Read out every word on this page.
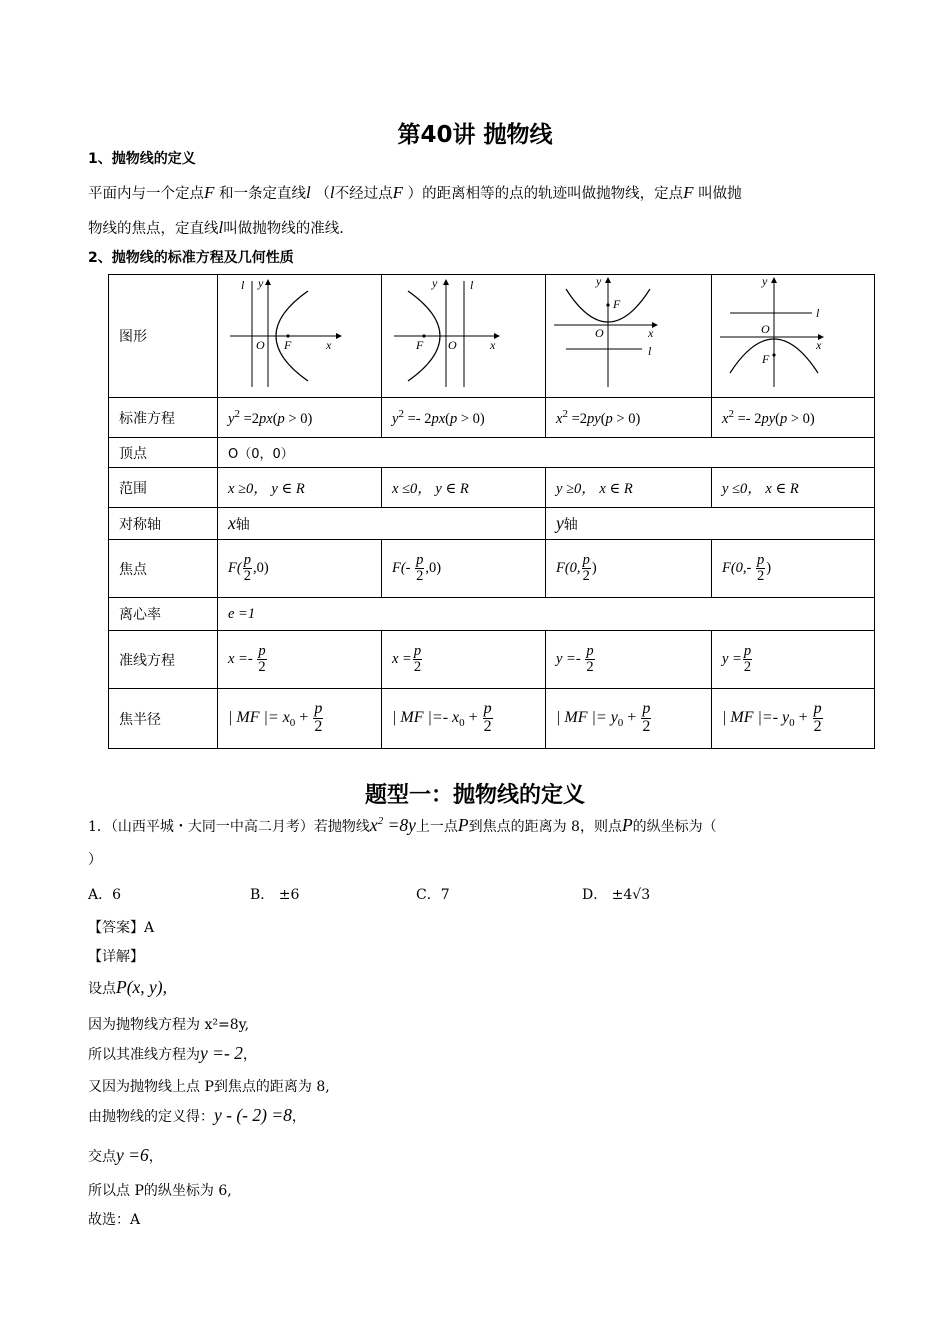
第40讲 抛物线
1、抛物线的定义
平面内与一个定点F 和一条定直线l （l不经过点F ）的距离相等的点的轨迹叫做抛物线，定点F 叫做抛
物线的焦点，定直线l叫做抛物线的准线.
2、抛物线的标准方程及几何性质
图形	l y
O F x	y l
F O x	y
F
O x
l	y
l
O
x
F

标准方程	$y^2 =2px(p > 0)$	$y^2 =- 2px(p > 0)$	$x^2 =2py(p > 0)$	$x^2 =- 2py(p > 0)$
顶点	O（0，0）			
范围	x ≥0， y ∈ R	x ≤0， y ∈ R	y ≥0， x ∈ R	y ≤0， x ∈ R
对称轴	x轴		y轴	
焦点	$F( \frac{p}{2} ,0)$	$F(- \frac{p}{2} ,0)$	F(0, $\frac{p}{2}$ )	$F(0,- \frac{p}{2}$ )
离心率	e =1			
准线方程	$x =- \frac{p}{2}$	$x = \frac{p}{2}$	$y =- \frac{p}{2}$	$y = \frac{p}{2}$

焦半径	| MF |= $x_0 + \frac{p}{2}$	| MF |=- $x_0 + \frac{p}{2}$	| MF |= $y_0 + \frac{p}{2}$	| MF |=- $y_0 + \frac{p}{2}$
题型一：抛物线的定义
1．（山西平城・大同一中高二月考）若抛物线$x^2 =8y$上一点P到焦点的距离为 8，则点P的纵坐标为（
）
A．6	B． ±6	C．7	D． ±4√3
【答案】A
【详解】
设点P(x, y),
因为抛物线方程为 x²=8y,
所以其准线方程为y =- 2，
又因为抛物线上点 P到焦点的距离为 8,
由抛物线的定义得：y - (- 2) =8，
交点y =6，
所以点 P的纵坐标为 6,
故选：A
